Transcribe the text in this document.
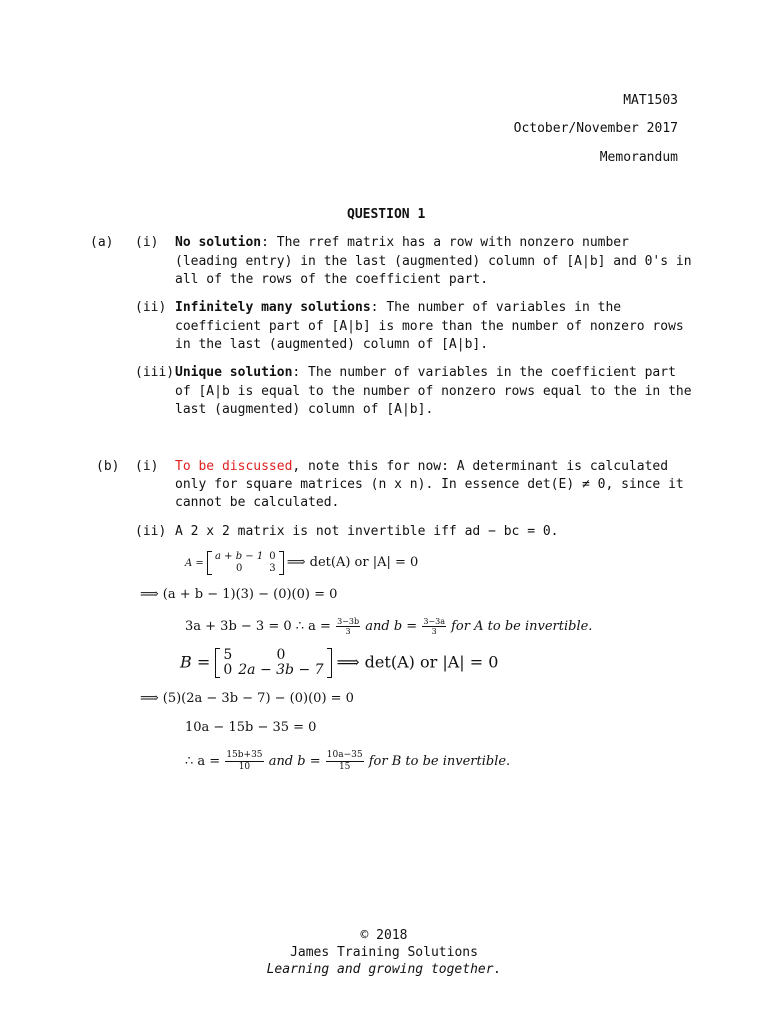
MAT1503
October/November 2017
Memorandum
QUESTION 1
(a) (i) No solution: The rref matrix has a row with nonzero number
(leading entry) in the last (augmented) column of [A|b] and 0's in
all of the rows of the coefficient part.
(ii) Infinitely many solutions: The number of variables in the
coefficient part of [A|b] is more than the number of nonzero rows
in the last (augmented) column of [A|b].
(iii) Unique solution: The number of variables in the coefficient part
of [A|b is equal to the number of nonzero rows equal to the in the
last (augmented) column of [A|b].
(b) (i) To be discussed, note this for now: A determinant is calculated
only for square matrices (n x n). In essence det(E) ≠ 0, since it
cannot be calculated.
(ii) A 2 x 2 matrix is not invertible iff ad − bc = 0.
A =
a + b − 1	0
0	3 ⟹ det(A) or |A| = 0
⟹ (a + b − 1)(3) − (0)(0) = 0
3a + 3b − 3 = 0 ∴ $a = \frac{3-3b}{3}$ and $b = \frac{3-3a}{3}$ for A to be invertible.
B = 5	0
0	2a − 3b − 7 ⟹ det(A) or |A| = 0
⟹ (5)(2a − 3b − 7) − (0)(0) = 0
10a − 15b − 35 = 0
∴ $a = \frac{15b+35}{10}$ and $b = \frac{10a-35}{15}$ for B to be invertible.
© 2018
James Training Solutions
Learning and growing together.
